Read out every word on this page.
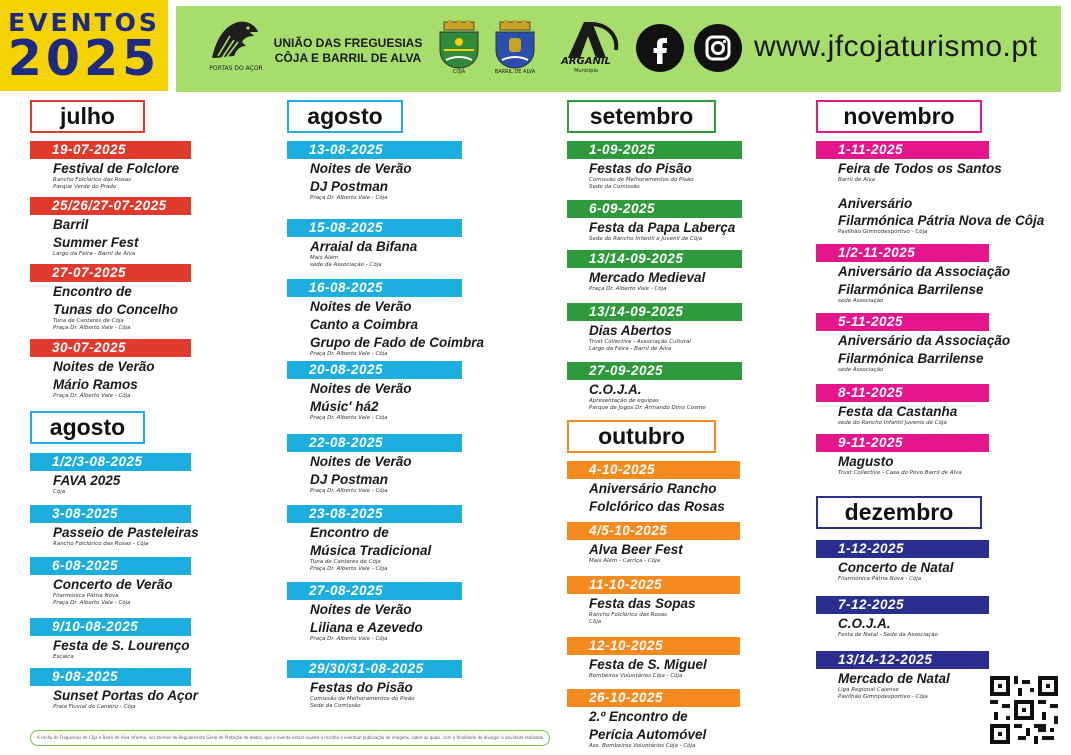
EVENTOS
2025	PORTAS DO AÇOR
UNIÃO DAS FREGUESIAS
CÔJA E BARRIL DE ALVA
CÔJA	BARRIL DE ALVA
ARGANIL
Município
www.jfcojaturismo.pt
julho
agosto
agosto	setembro
outubro
novembro
dezembro
19-07-2025
Festival de Folclore
Rancho Folclórico das Rosas
Parque Verde do Prado
25/26/27-07-2025
Barril
Summer Fest
Largo da Feira - Barril de Alva
27-07-2025
Encontro de
Tunas do Concelho
Tuna de Cantares de Côja
Praça Dr. Alberto Vale - Côja
30-07-2025
Noites de Verão
Mário Ramos
Praça Dr. Alberto Vale - Côja
1/2/3-08-2025
FAVA 2025
Côja
3-08-2025
Passeio de Pasteleiras
Rancho Folclórico das Rosas - Côja
6-08-2025
Concerto de Verão
Filarmónica Pátria Nova
Praça Dr. Alberto Vale - Côja
9/10-08-2025
Festa de S. Lourenço
Escalca
9-08-2025
Sunset Portas do Açor
Praia Fluvial do Caneiro - Côja
13-08-2025
Noites de Verão
DJ Postman
Praça Dr. Alberto Vale - Côja
15-08-2025
Arraial da Bifana
Mais Além
sede da Associação - Côja
16-08-2025
Noites de Verão
Canto a Coimbra
Grupo de Fado de Coimbra
Praça Dr. Alberto Vale - Côja
20-08-2025
Noites de Verão
Músic' há2
Praça Dr. Alberto Vale - Côja
22-08-2025
Noites de Verão
DJ Postman
Praça Dr. Alberto Vale - Côja
23-08-2025
Encontro de
Música Tradicional
Tuna de Cantares de Côja
Praça Dr. Alberto Vale - Côja
27-08-2025
Noites de Verão
Liliana e Azevedo
Praça Dr. Alberto Vale - Côja
29/30/31-08-2025
Festas do Pisão
Comissão de Melhoramentos do Pisão
Sede da Comissão
1-09-2025
Festas do Pisão
Comissão de Melhoramentos do Pisão
Sede da Comissão
6-09-2025
Festa da Papa Laberça
Sede do Rancho Infantil e Juvenil de Côja
13/14-09-2025
Mercado Medieval
Praça Dr. Alberto Vale - Côja
13/14-09-2025
Dias Abertos
Trust Collective - Associação Cultural
Largo da Feira - Barril de Alva
27-09-2025
C.O.J.A.
Apresentação de equipas
Parque de Jogos Dr. Armando Dinis Cosme
4-10-2025
Aniversário Rancho
Folclórico das Rosas
4/5-10-2025
Alva Beer Fest
Mais Além - Carriça - Côja
11-10-2025
Festa das Sopas
Rancho Folclórico das Rosas
Côja
12-10-2025
Festa de S. Miguel
Bombeiros Voluntários Côja - Côja
26-10-2025
2.º Encontro de
Perícia Automóvel
Ass. Bombeiros Voluntários Côja - Côja
1-11-2025
Feira de Todos os Santos
Barril de Alva
1/2-11-2025
Aniversário da Associação
Filarmónica Barrilense
sede Associação
5-11-2025
Aniversário da Associação
Filarmónica Barrilense
sede Associação
8-11-2025
Festa da Castanha
sede do Rancho Infantil Juvenis de Côja
9-11-2025
Magusto
Trust Collective - Casa do Povo Barril de Alva
1-12-2025
Concerto de Natal
Filarmónica Pátria Nova - Côja
7-12-2025
C.O.J.A.
Festa de Natal - Sede da Associação
13/14-12-2025
Mercado de Natal
Liga Regional Cajense
Pavilhão Gimnodesportivo - Côja
Aniversário
Filarmónica Pátria Nova de Côja
Pavilhão Gimnodesportivo - Côja
A União de Freguesias de Côja e Barril de Alva informa, nos termos do Regulamento Geral de Proteção de dados, que o evento estará sujeito a recolha e eventual publicação de imagens, sobre as quais, com a finalidade de divulgar a atividade realizada
